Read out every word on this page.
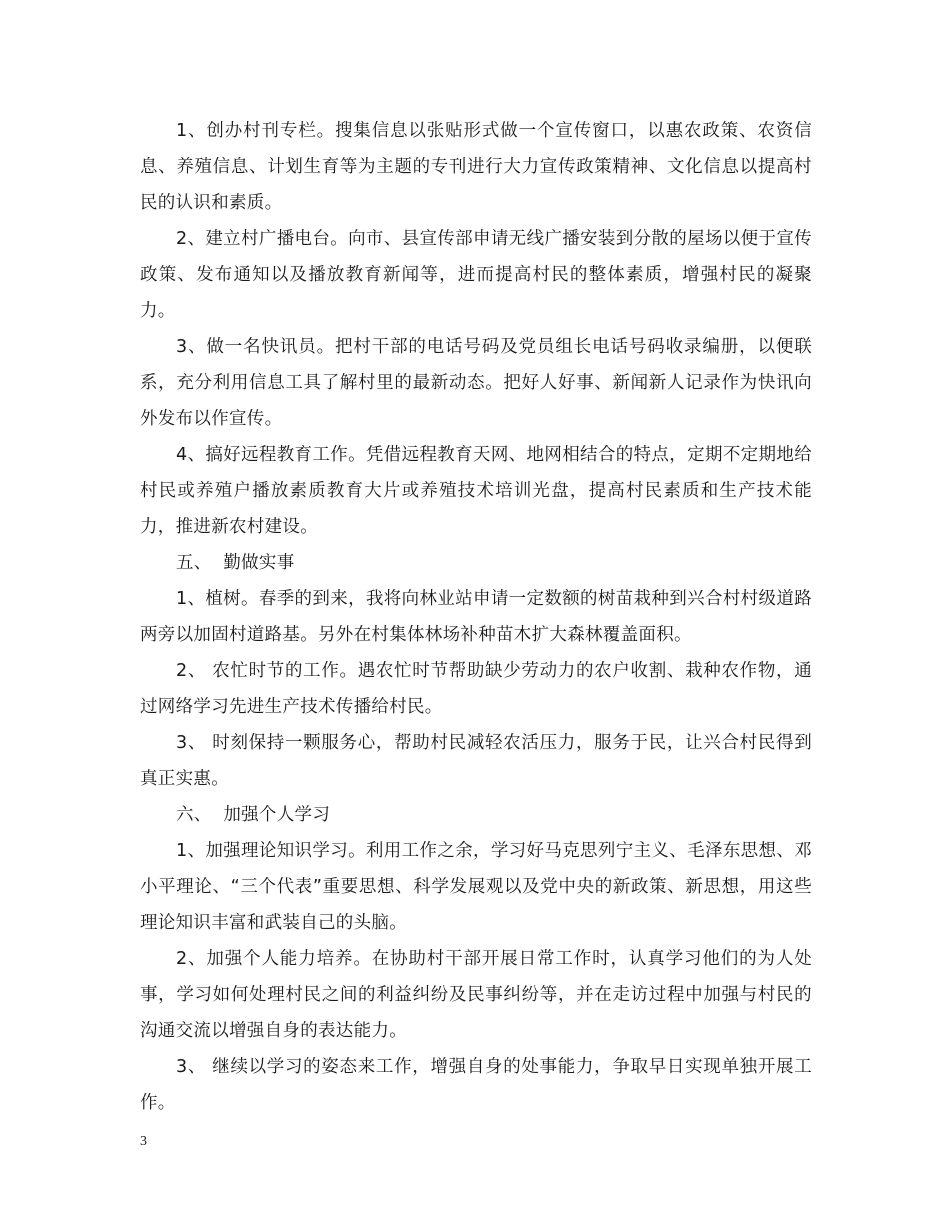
1、创办村刊专栏。搜集信息以张贴形式做一个宣传窗口，以惠农政策、农资信息、养殖信息、计划生育等为主题的专刊进行大力宣传政策精神、文化信息以提高村民的认识和素质。

2、建立村广播电台。向市、县宣传部申请无线广播安装到分散的屋场以便于宣传政策、发布通知以及播放教育新闻等，进而提高村民的整体素质，增强村民的凝聚力。

3、做一名快讯员。把村干部的电话号码及党员组长电话号码收录编册，以便联系，充分利用信息工具了解村里的最新动态。把好人好事、新闻新人记录作为快讯向外发布以作宣传。

4、搞好远程教育工作。凭借远程教育天网、地网相结合的特点，定期不定期地给村民或养殖户播放素质教育大片或养殖技术培训光盘，提高村民素质和生产技术能力，推进新农村建设。

五、  勤做实事

1、植树。春季的到来，我将向林业站申请一定数额的树苗栽种到兴合村村级道路两旁以加固村道路基。另外在村集体林场补种苗木扩大森林覆盖面积。

2、 农忙时节的工作。遇农忙时节帮助缺少劳动力的农户收割、栽种农作物，通过网络学习先进生产技术传播给村民。

3、 时刻保持一颗服务心，帮助村民减轻农活压力，服务于民，让兴合村民得到真正实惠。

六、  加强个人学习

1、加强理论知识学习。利用工作之余，学习好马克思列宁主义、毛泽东思想、邓小平理论、“三个代表”重要思想、科学发展观以及党中央的新政策、新思想，用这些理论知识丰富和武装自己的头脑。

2、加强个人能力培养。在协助村干部开展日常工作时，认真学习他们的为人处事，学习如何处理村民之间的利益纠纷及民事纠纷等，并在走访过程中加强与村民的沟通交流以增强自身的表达能力。

3、 继续以学习的姿态来工作，增强自身的处事能力，争取早日实现单独开展工作。

3
